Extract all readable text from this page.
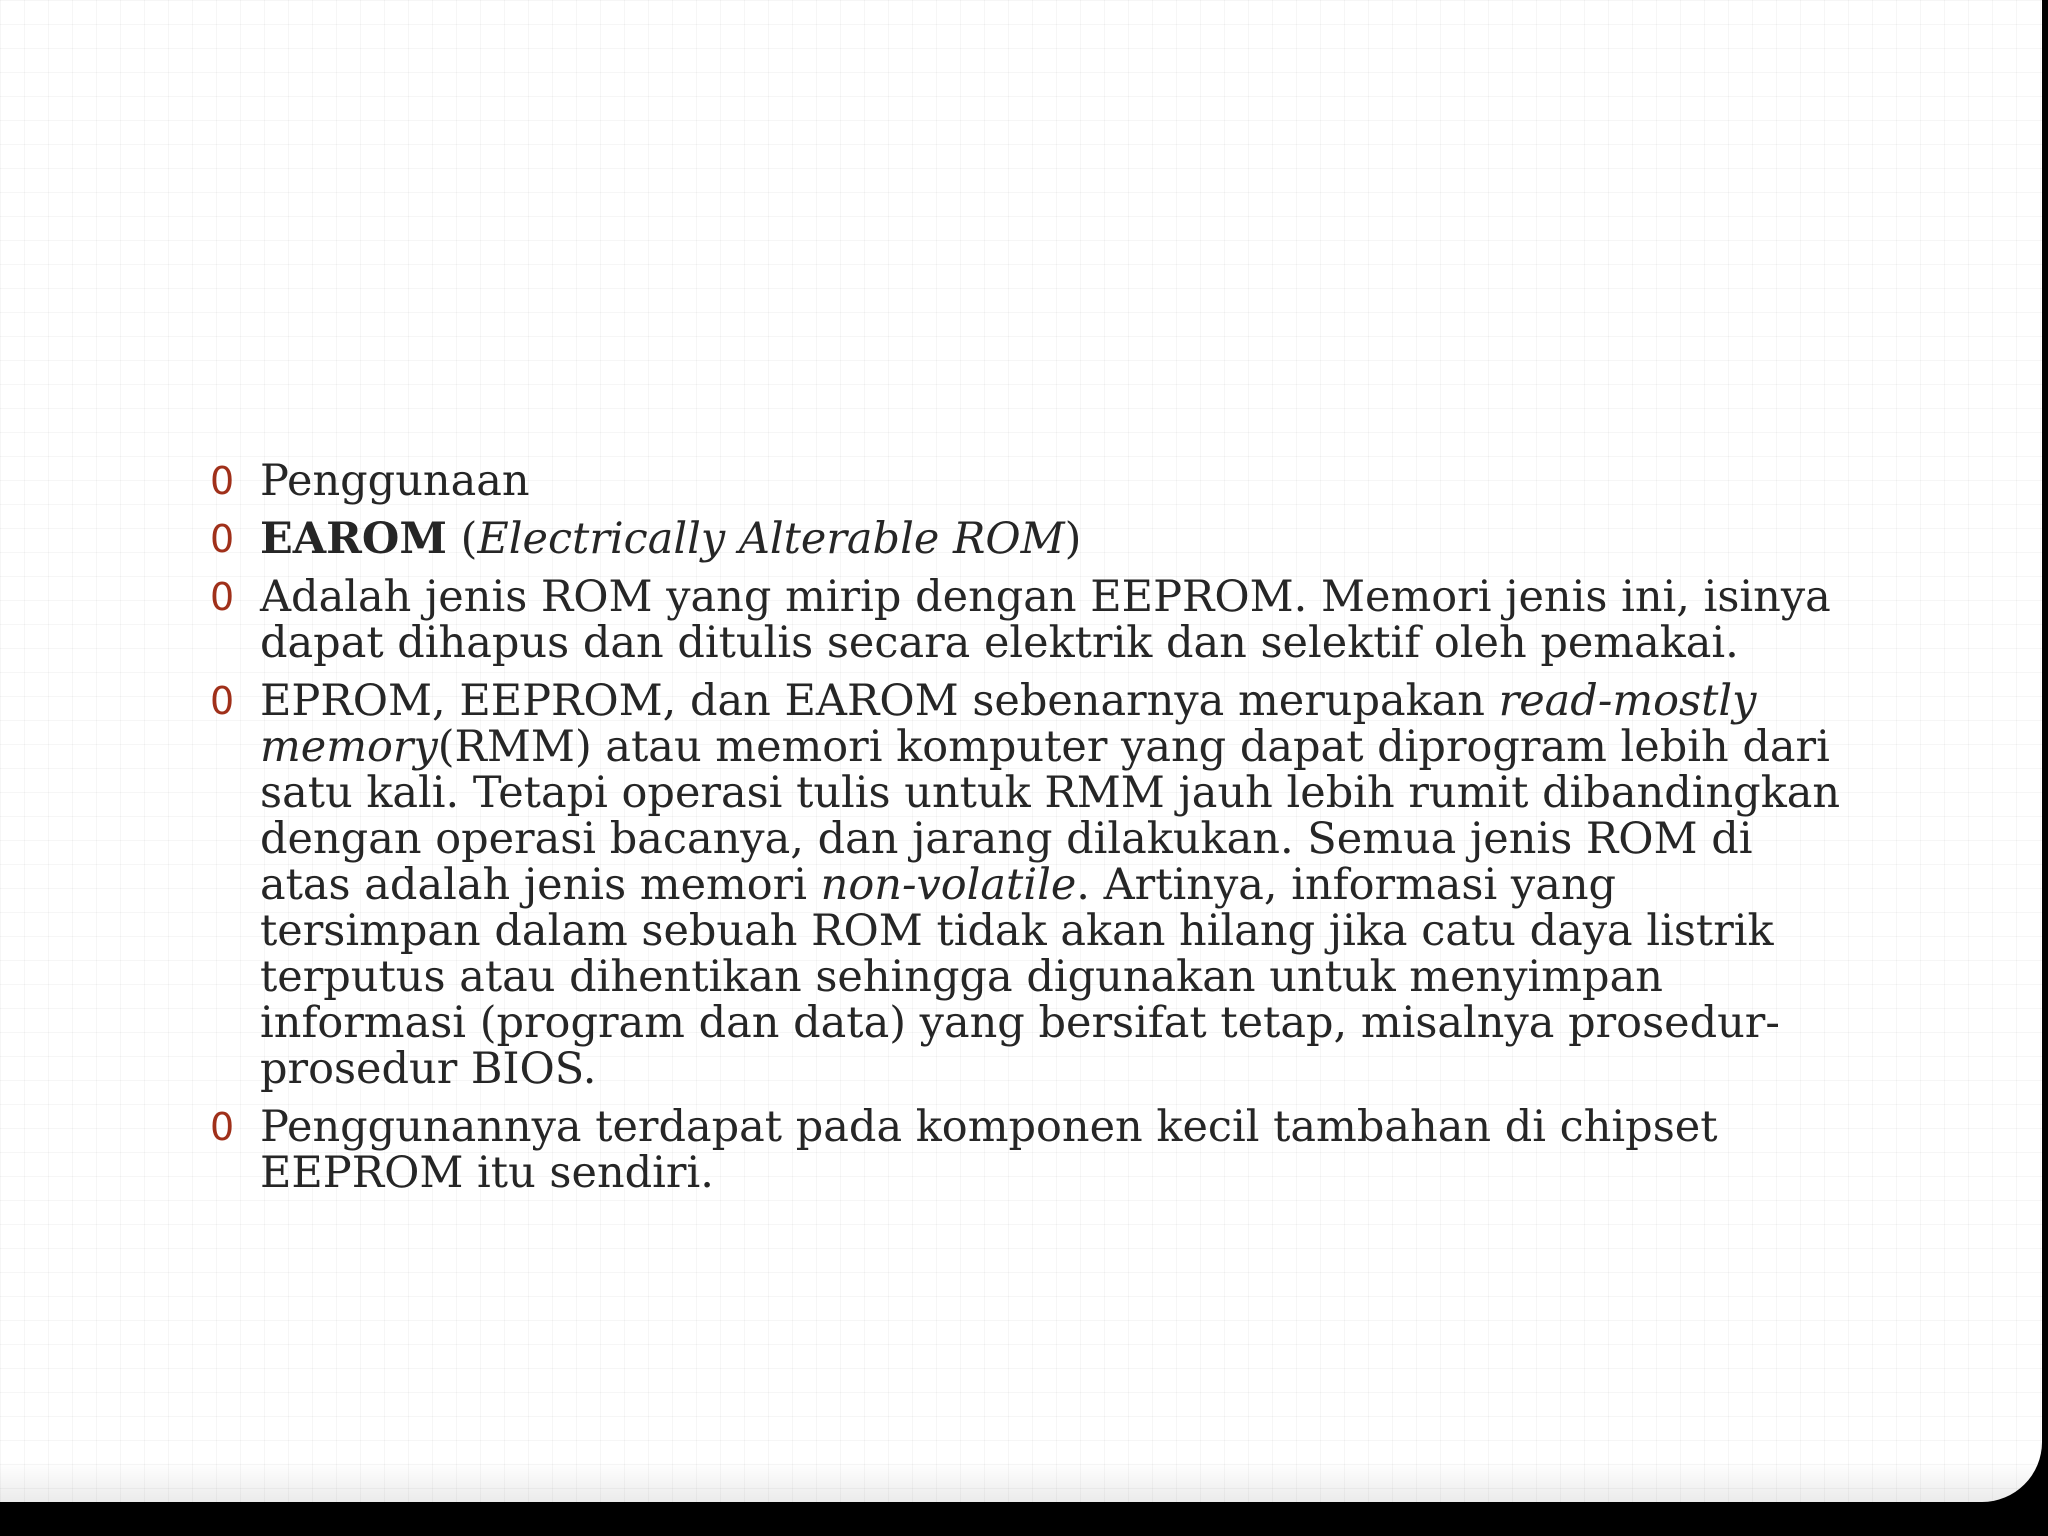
0 Penggunaan
0 EAROM (Electrically Alterable ROM)
0 Adalah jenis ROM yang mirip dengan EEPROM. Memori jenis ini, isinya dapat dihapus dan ditulis secara elektrik dan selektif oleh pemakai.
0 EPROM, EEPROM, dan EAROM sebenarnya merupakan read-mostly memory(RMM) atau memori komputer yang dapat diprogram lebih dari satu kali. Tetapi operasi tulis untuk RMM jauh lebih rumit dibandingkan dengan operasi bacanya, dan jarang dilakukan. Semua jenis ROM di atas adalah jenis memori non-volatile. Artinya, informasi yang tersimpan dalam sebuah ROM tidak akan hilang jika catu daya listrik terputus atau dihentikan sehingga digunakan untuk menyimpan informasi (program dan data) yang bersifat tetap, misalnya prosedur-prosedur BIOS.
0 Penggunannya terdapat pada komponen kecil tambahan di chipset EEPROM itu sendiri.
